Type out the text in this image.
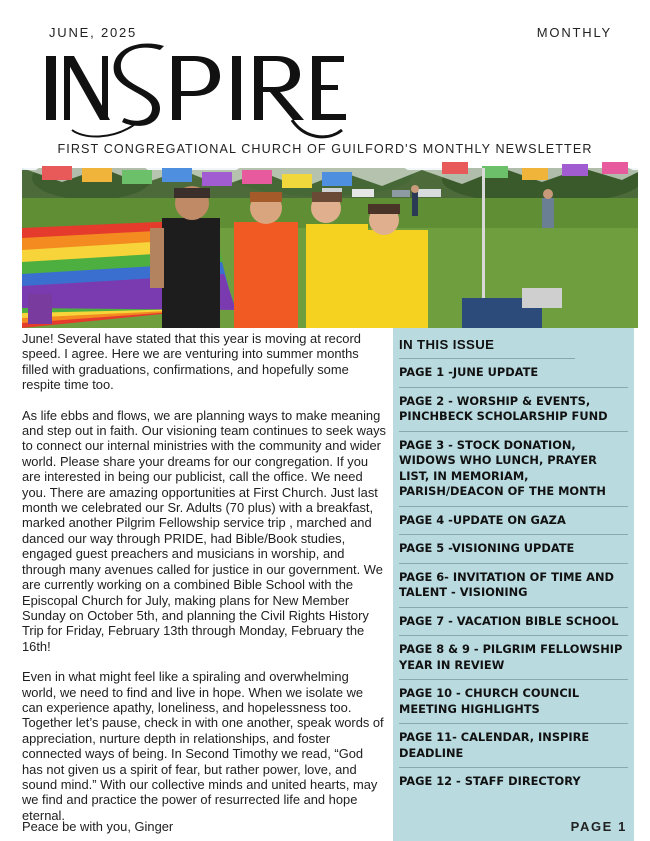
JUNE, 2025	MONTHLY
FIRST CONGREGATIONAL CHURCH OF GUILFORD'S MONTHLY NEWSLETTER

June! Several have stated that this year is moving at record speed. I agree. Here we are venturing into summer months filled with graduations, confirmations, and hopefully some respite time too.

As life ebbs and flows, we are planning ways to make meaning and step out in faith. Our visioning team continues to seek ways to connect our internal ministries with the community and wider world. Please share your dreams for our congregation. If you are interested in being our publicist, call the office. We need you. There are amazing opportunities at First Church. Just last month we celebrated our Sr. Adults (70 plus) with a breakfast, marked another Pilgrim Fellowship service trip , marched and danced our way through PRIDE, had Bible/Book studies, engaged guest preachers and musicians in worship, and through many avenues called for justice in our government. We are currently working on a combined Bible School with the Episcopal Church for July, making plans for New Member Sunday on October 5th, and planning the Civil Rights History Trip for Friday, February 13th through Monday, February the 16th!

Even in what might feel like a spiraling and overwhelming world, we need to find and live in hope. When we isolate we can experience apathy, loneliness, and hopelessness too. Together let’s pause, check in with one another, speak words of appreciation, nurture depth in relationships, and foster connected ways of being. In Second Timothy we read, “God has not given us a spirit of fear, but rather power, love, and sound mind.” With our collective minds and united hearts, may we find and practice the power of resurrected life and hope eternal.

Peace be with you, Ginger
IN THIS ISSUE
PAGE 1 -JUNE UPDATE
PAGE 2 - WORSHIP & EVENTS, PINCHBECK SCHOLARSHIP FUND
PAGE 3 - STOCK DONATION, WIDOWS WHO LUNCH, PRAYER LIST, IN MEMORIAM, PARISH/DEACON OF THE MONTH
PAGE 4 -UPDATE ON GAZA
PAGE 5 -VISIONING UPDATE
PAGE 6- INVITATION OF TIME AND TALENT - VISIONING
PAGE 7 - VACATION BIBLE SCHOOL
PAGE 8 & 9 - PILGRIM FELLOWSHIP YEAR IN REVIEW
PAGE 10 - CHURCH COUNCIL MEETING HIGHLIGHTS
PAGE 11- CALENDAR, INSPIRE DEADLINE
PAGE 12 - STAFF DIRECTORY
PAGE 1
